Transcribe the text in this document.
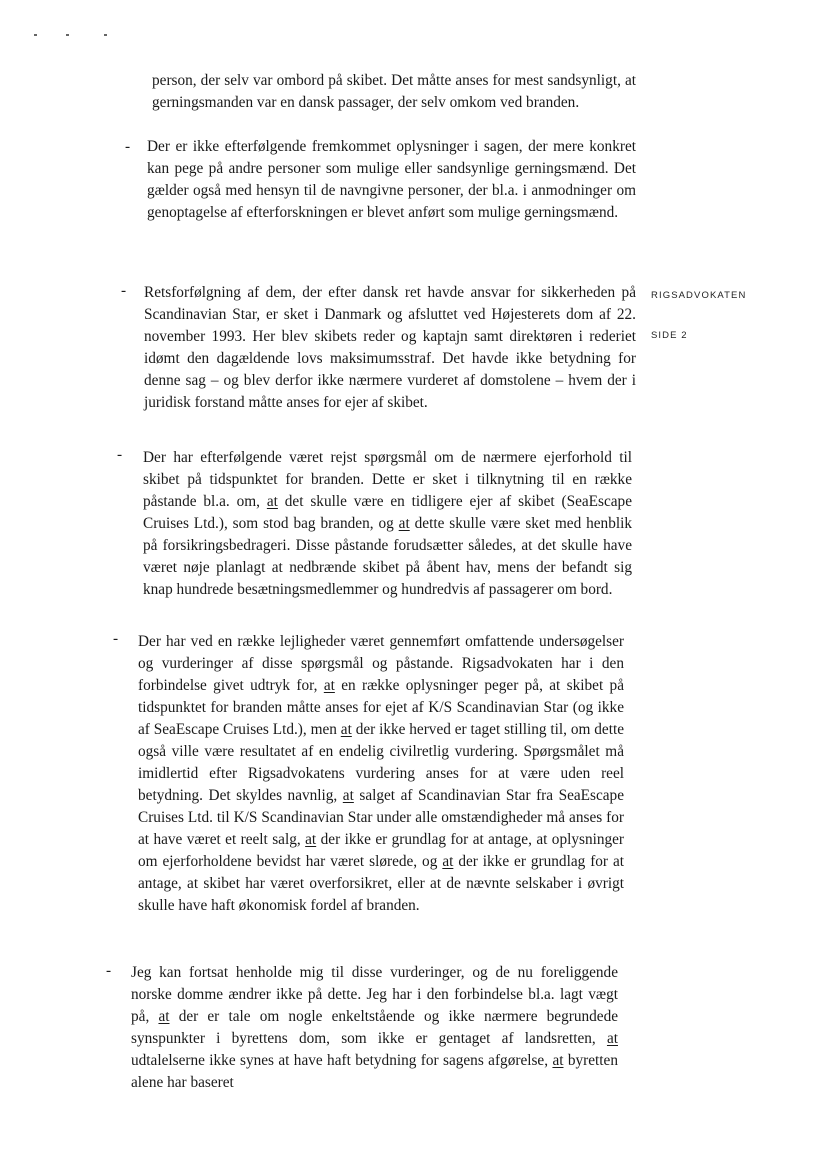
RIGSADVOKATEN
SIDE 2

person, der selv var ombord på skibet. Det måtte anses for mest sandsynligt, at gerningsmanden var en dansk passager, der selv omkom ved branden.

- Der er ikke efterfølgende fremkommet oplysninger i sagen, der mere konkret kan pege på andre personer som mulige eller sandsynlige gerningsmænd. Det gælder også med hensyn til de navngivne personer, der bl.a. i anmodninger om genoptagelse af efterforskningen er blevet anført som mulige gerningsmænd.

- Retsforfølgning af dem, der efter dansk ret havde ansvar for sikkerheden på Scandinavian Star, er sket i Danmark og afsluttet ved Højesterets dom af 22. november 1993. Her blev skibets reder og kaptajn samt direktøren i rederiet idømt den dagældende lovs maksimumsstraf. Det havde ikke betydning for denne sag – og blev derfor ikke nærmere vurderet af domstolene – hvem der i juridisk forstand måtte anses for ejer af skibet.

- Der har efterfølgende været rejst spørgsmål om de nærmere ejerforhold til skibet på tidspunktet for branden. Dette er sket i tilknytning til en række påstande bl.a. om, at det skulle være en tidligere ejer af skibet (SeaEscape Cruises Ltd.), som stod bag branden, og at dette skulle være sket med henblik på forsikringsbedrageri. Disse påstande forudsætter således, at det skulle have været nøje planlagt at nedbrænde skibet på åbent hav, mens der befandt sig knap hundrede besætningsmedlemmer og hundredvis af passagerer om bord.

- Der har ved en række lejligheder været gennemført omfattende undersøgelser og vurderinger af disse spørgsmål og påstande. Rigsadvokaten har i den forbindelse givet udtryk for, at en række oplysninger peger på, at skibet på tidspunktet for branden måtte anses for ejet af K/S Scandinavian Star (og ikke af SeaEscape Cruises Ltd.), men at der ikke herved er taget stilling til, om dette også ville være resultatet af en endelig civilretlig vurdering. Spørgsmålet må imidlertid efter Rigsadvokatens vurdering anses for at være uden reel betydning. Det skyldes navnlig, at salget af Scandinavian Star fra SeaEscape Cruises Ltd. til K/S Scandinavian Star under alle omstændigheder må anses for at have været et reelt salg, at der ikke er grundlag for at antage, at oplysninger om ejerforholdene bevidst har været slørede, og at der ikke er grundlag for at antage, at skibet har været overforsikret, eller at de nævnte selskaber i øvrigt skulle have haft økonomisk fordel af branden.

- Jeg kan fortsat henholde mig til disse vurderinger, og de nu foreliggende norske domme ændrer ikke på dette. Jeg har i den forbindelse bl.a. lagt vægt på, at der er tale om nogle enkeltstående og ikke nærmere begrundede synspunkter i byrettens dom, som ikke er gentaget af landsretten, at udtalelserne ikke synes at have haft betydning for sagens afgørelse, at byretten alene har baseret
